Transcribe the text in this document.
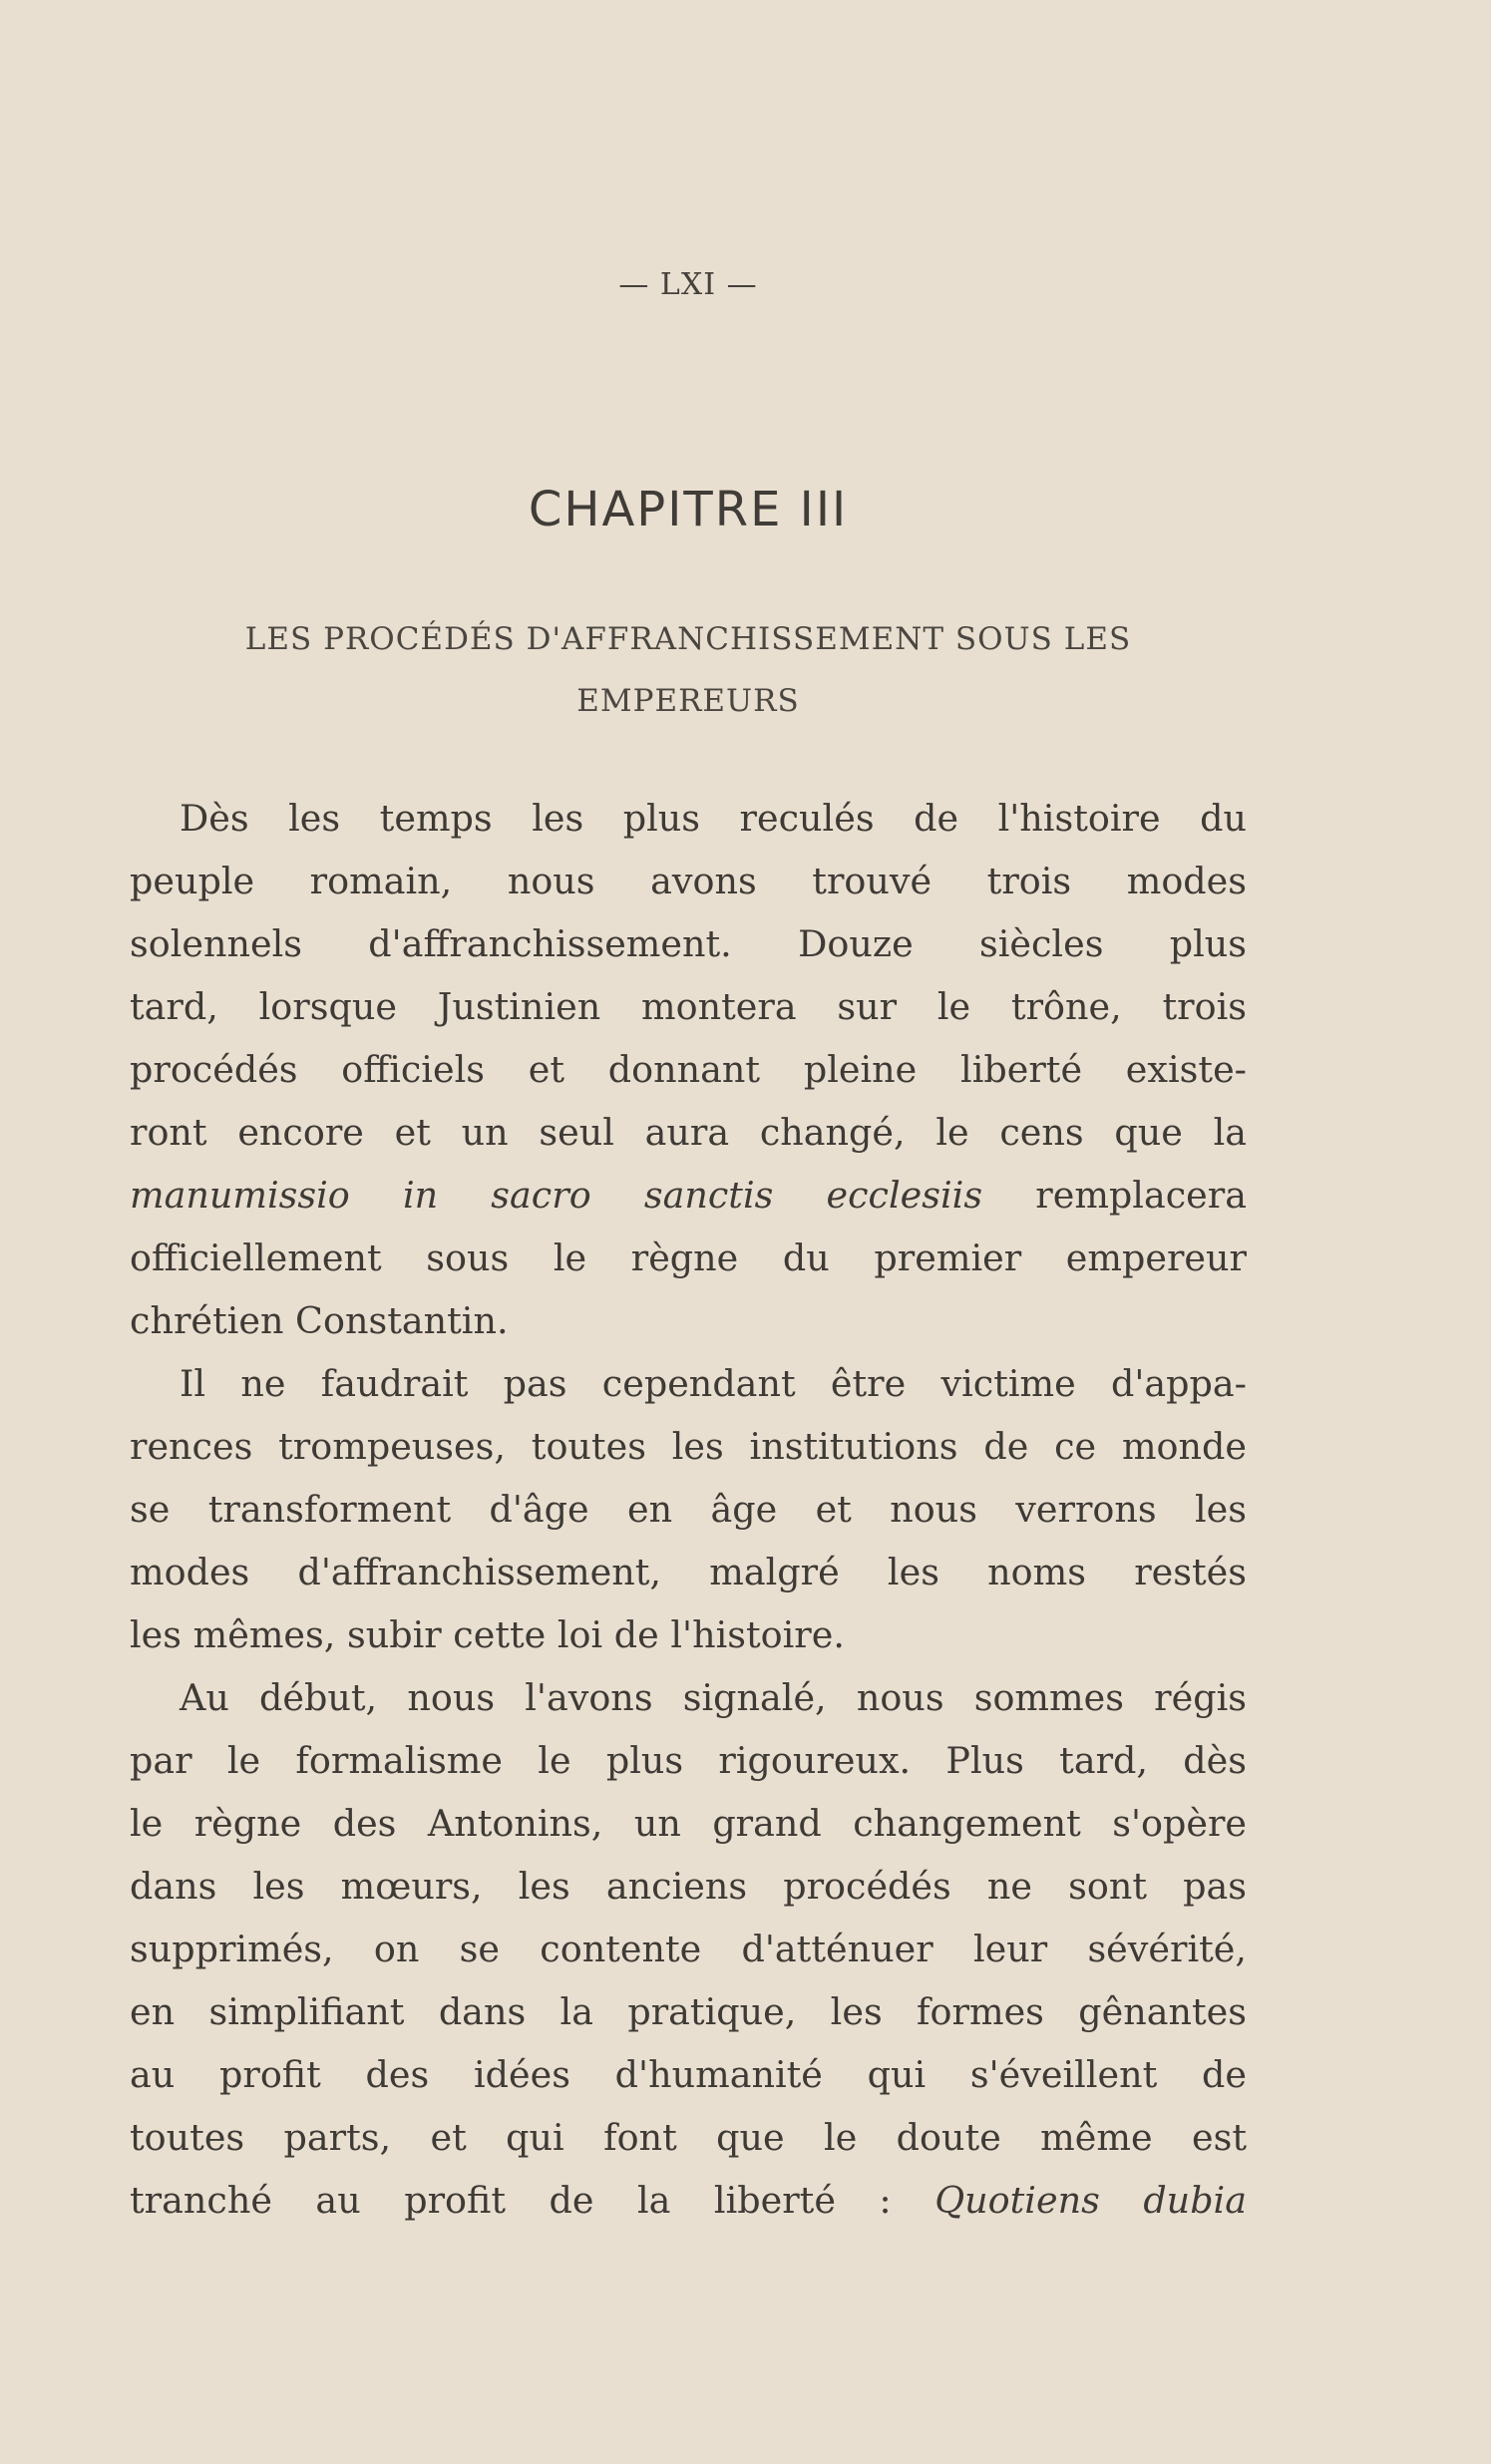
— LXI —
CHAPITRE III
LES PROCÉDÉS D'AFFRANCHISSEMENT SOUS LES EMPEREURS
Dès les temps les plus reculés de l'histoire du
peuple romain, nous avons trouvé trois modes
solennels d'affranchissement. Douze siècles plus
tard, lorsque Justinien montera sur le trône, trois
procédés officiels et donnant pleine liberté existe-
ront encore et un seul aura changé, le cens que la
manumissio in sacro sanctis ecclesiis remplacera
officiellement sous le règne du premier empereur
chrétien Constantin.
Il ne faudrait pas cependant être victime d'appa-
rences trompeuses, toutes les institutions de ce monde
se transforment d'âge en âge et nous verrons les
modes d'affranchissement, malgré les noms restés
les mêmes, subir cette loi de l'histoire.
Au début, nous l'avons signalé, nous sommes régis
par le formalisme le plus rigoureux. Plus tard, dès
le règne des Antonins, un grand changement s'opère
dans les mœurs, les anciens procédés ne sont pas
supprimés, on se contente d'atténuer leur sévérité,
en simplifiant dans la pratique, les formes gênantes
au profit des idées d'humanité qui s'éveillent de
toutes parts, et qui font que le doute même est
tranché au profit de la liberté : Quotiens dubia
